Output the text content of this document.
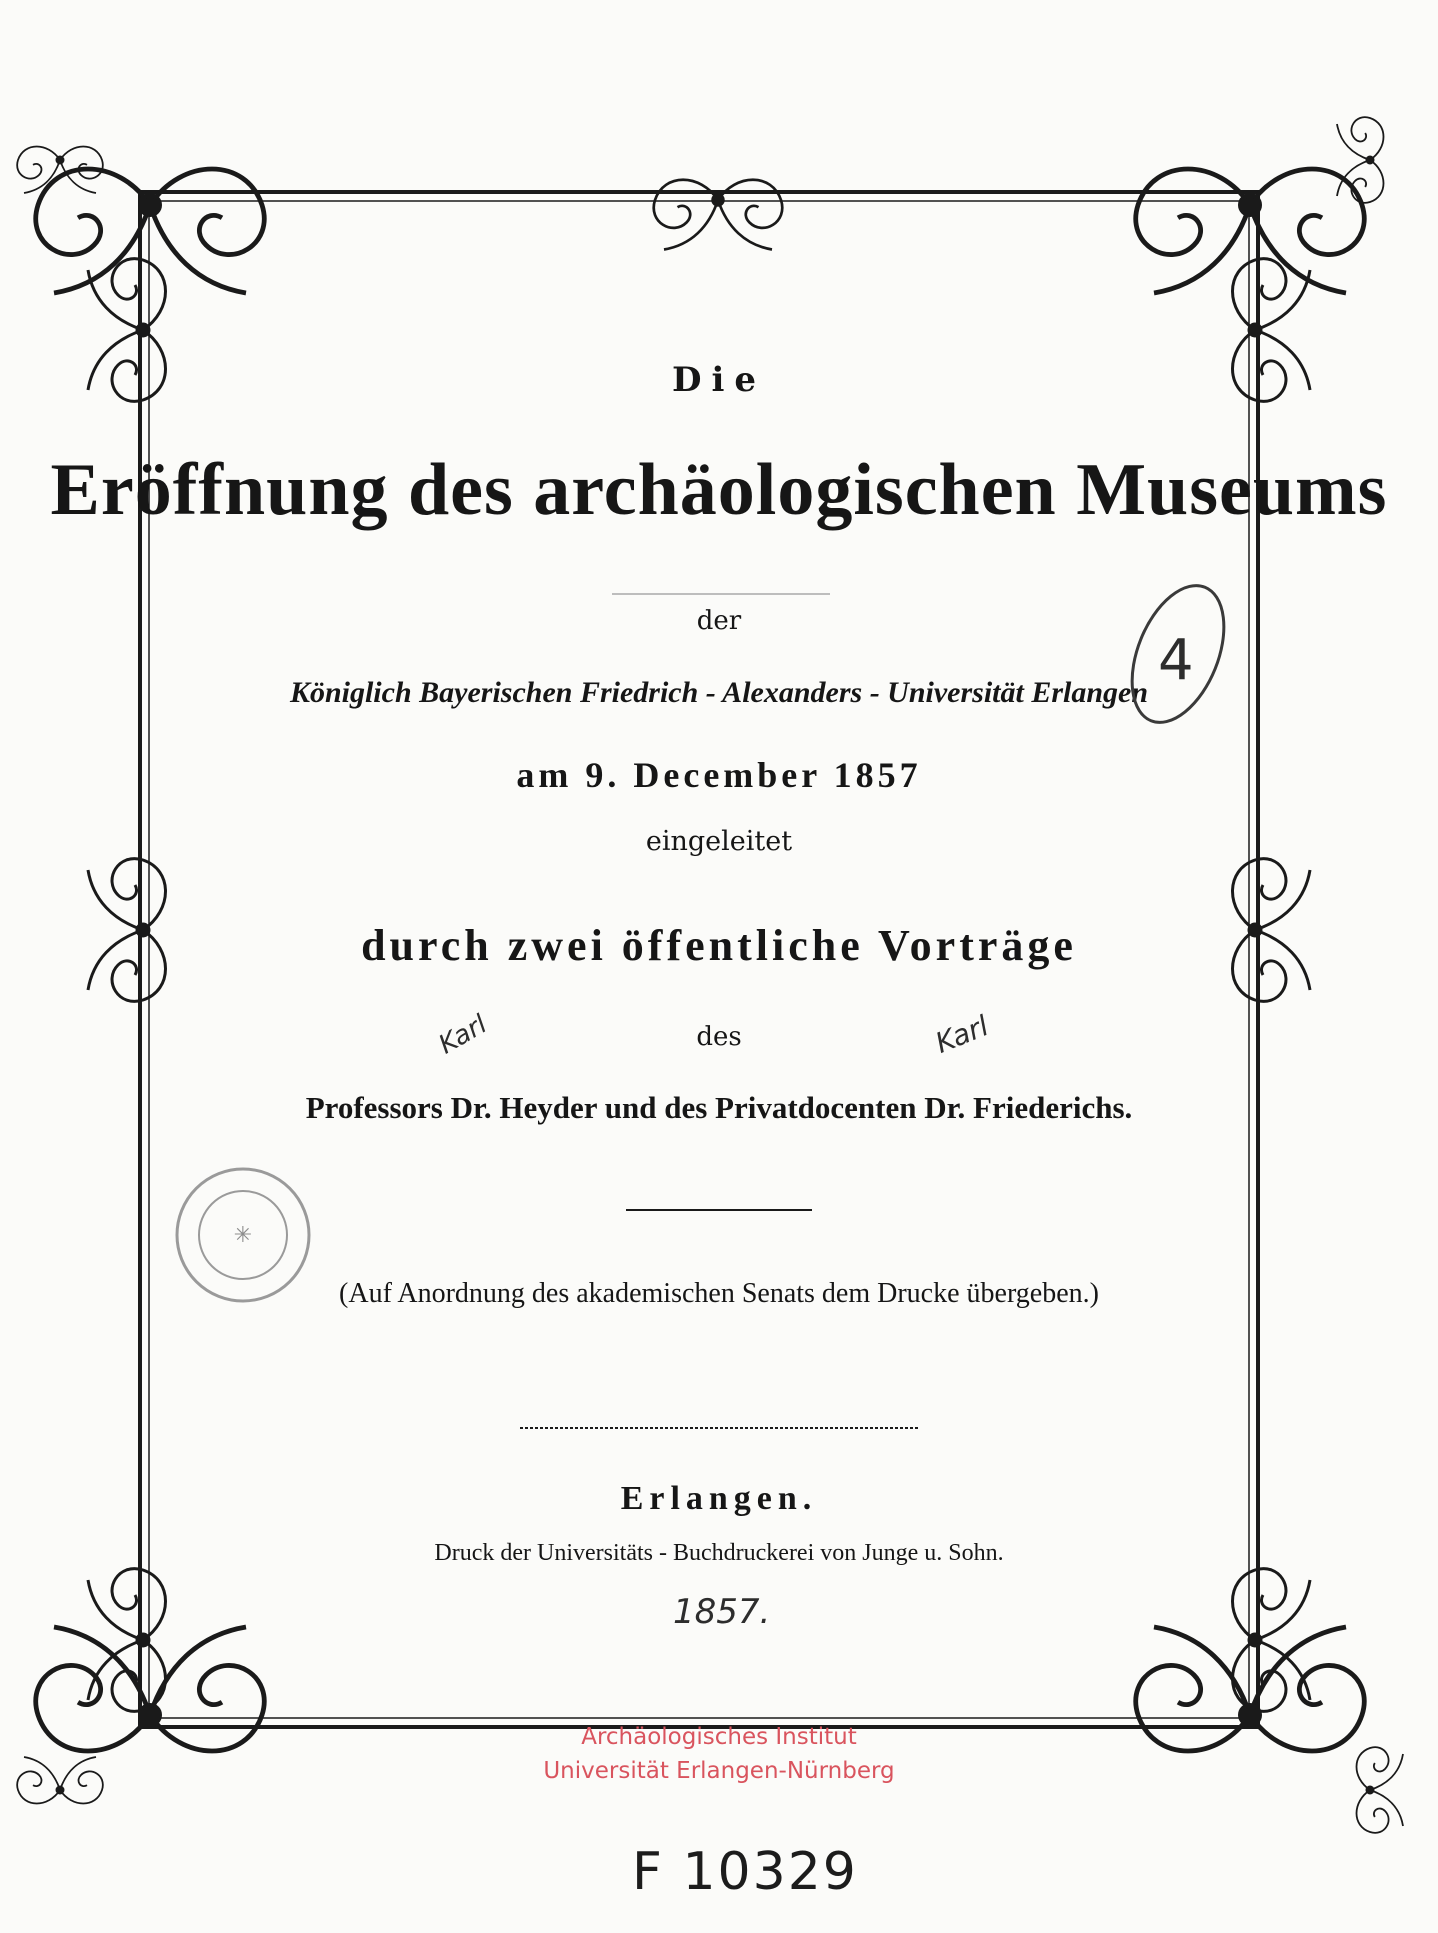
Die
Eröffnung des archäologischen Museums
der
Königlich Bayerischen Friedrich - Alexanders - Universität Erlangen
am 9. December 1857
eingeleitet
durch zwei öffentliche Vorträge
des
Professors Dr. Heyder und des Privatdocenten Dr. Friederichs.
(Auf Anordnung des akademischen Senats dem Drucke übergeben.)
Erlangen.
Druck der Universitäts - Buchdruckerei von Junge u. Sohn.
4
Karl	Karl
1857.
✳
Archäologisches Institut
Universität Erlangen-Nürnberg
F 10329
